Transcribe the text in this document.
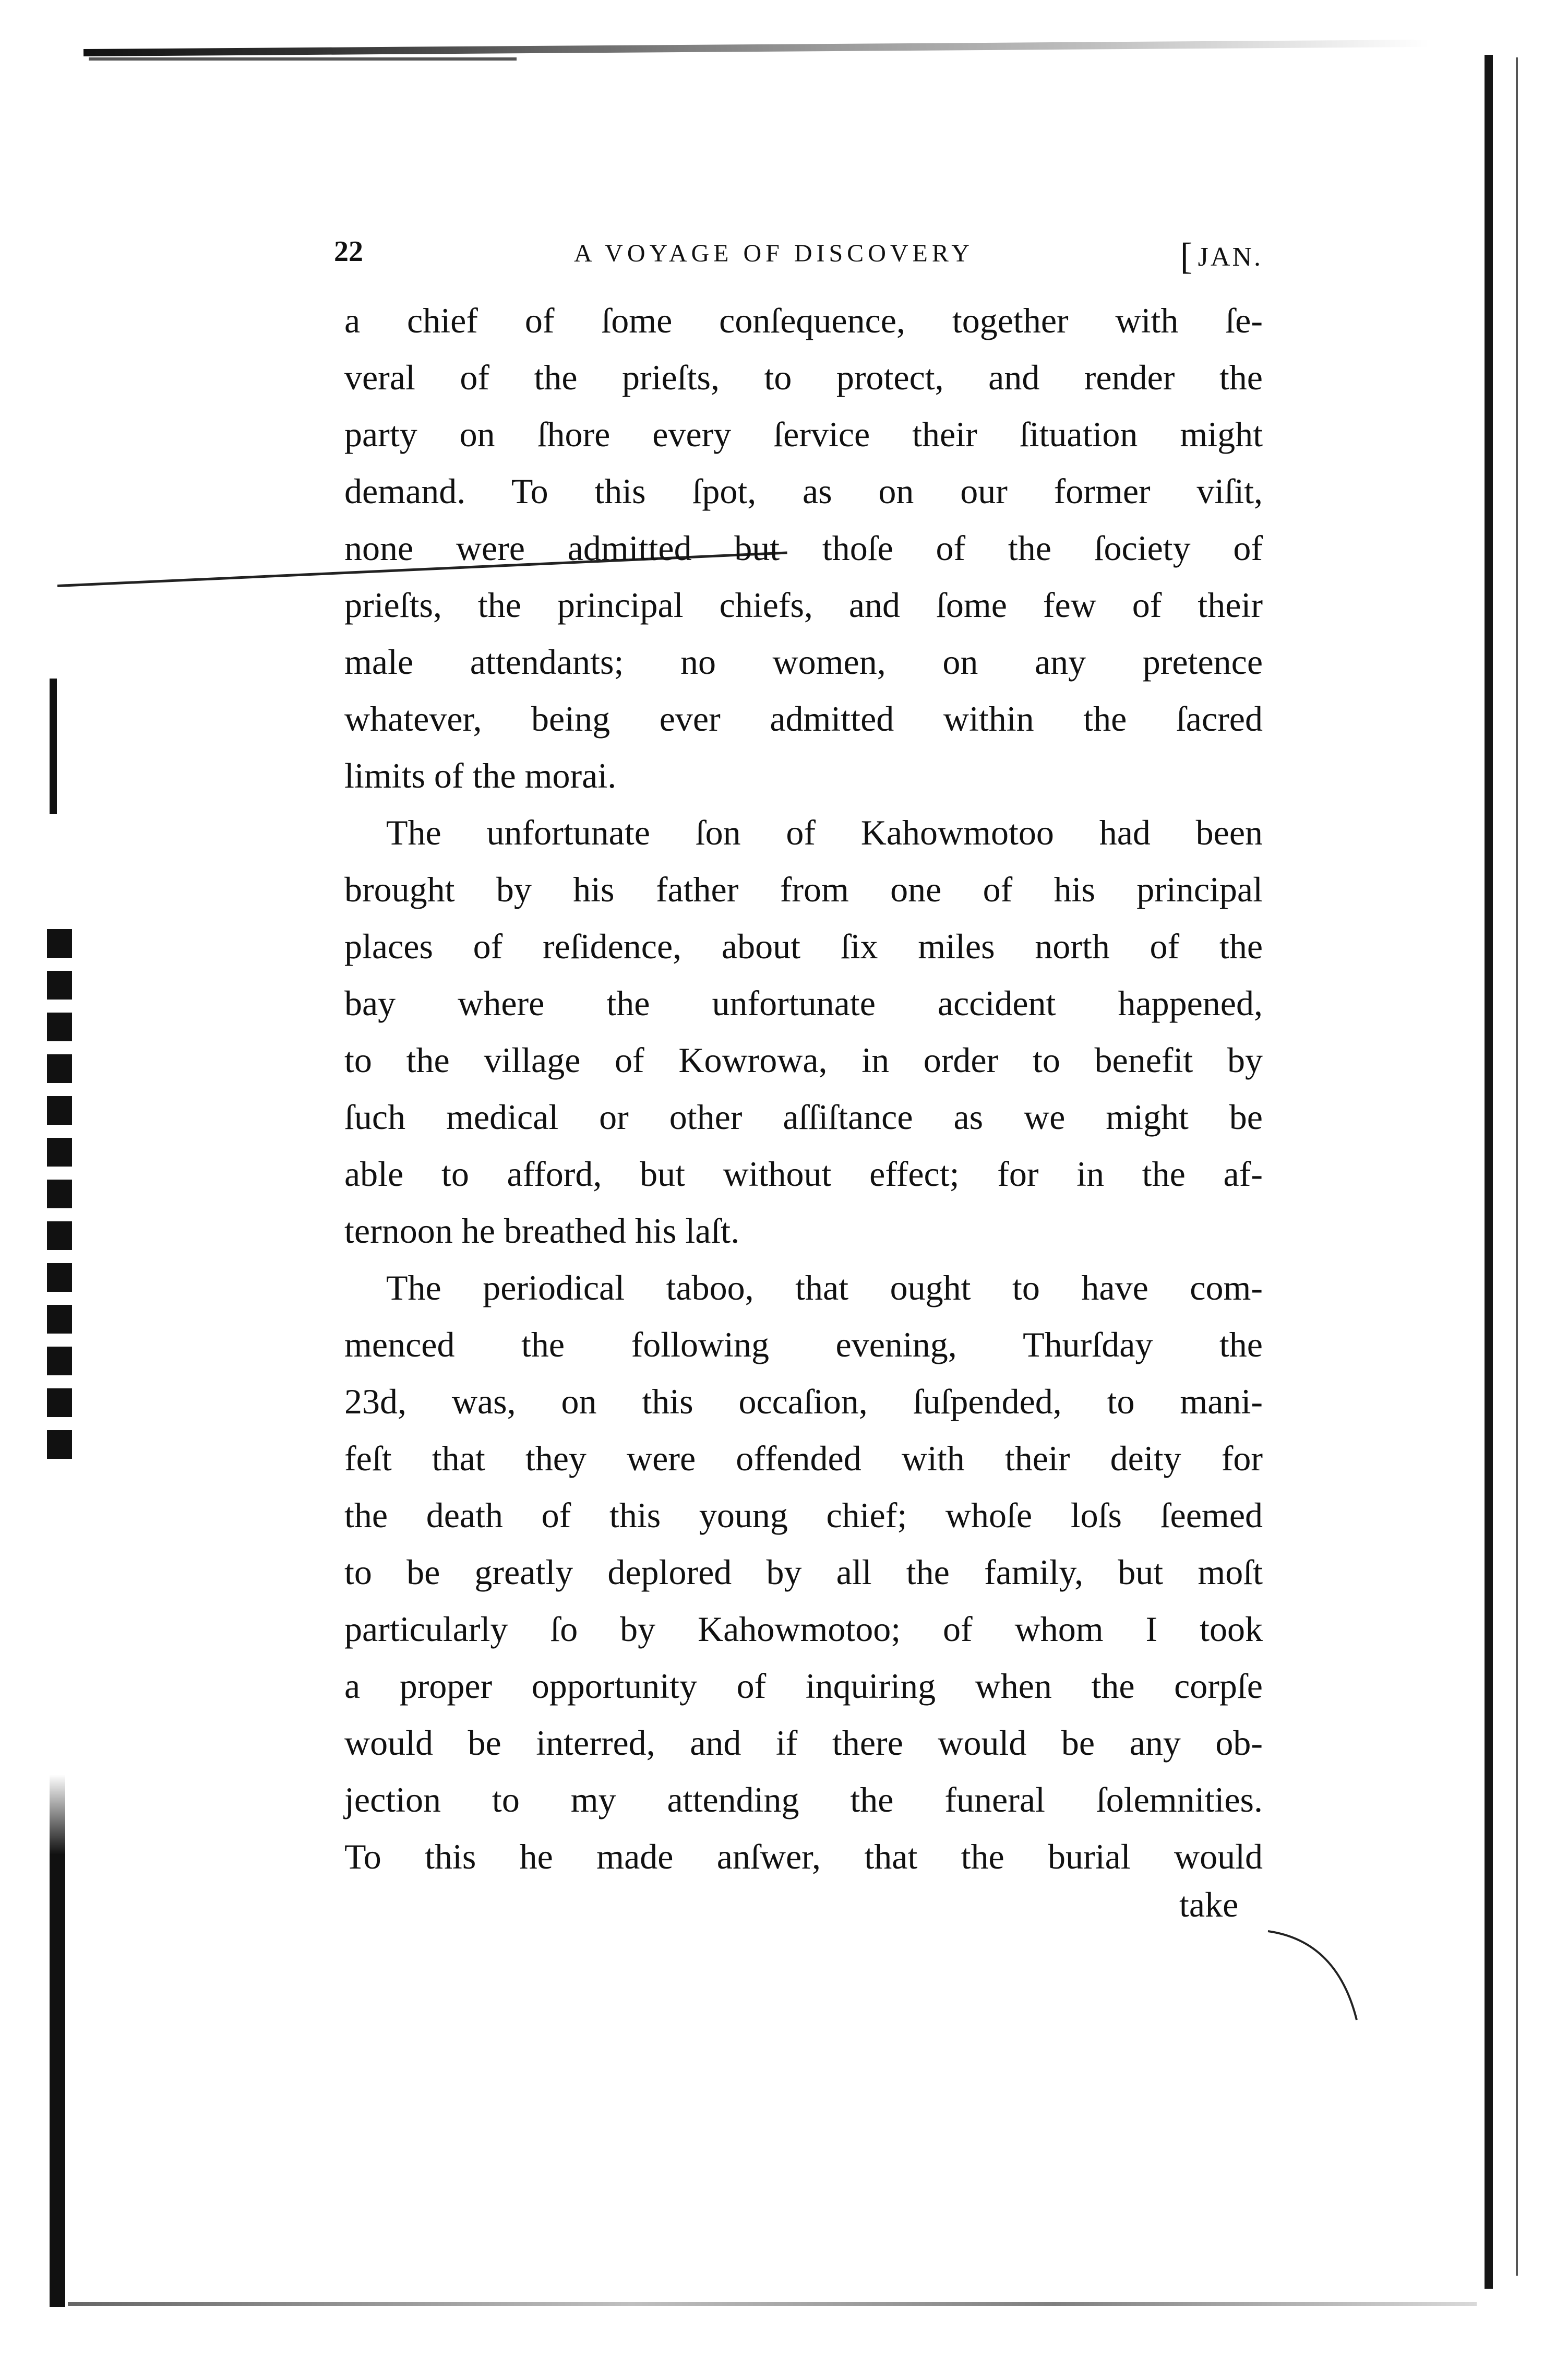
22	A VOYAGE OF DISCOVERY	[ JAN.
a chief of ſome conſequence, together with ſe-
veral of the prieſts, to protect, and render the
party on ſhore every ſervice their ſituation might
demand. To this ſpot, as on our former viſit,
none were admitted but thoſe of the ſociety of
prieſts, the principal chiefs, and ſome few of their
male attendants; no women, on any pretence
whatever, being ever admitted within the ſacred
limits of the morai.
The unfortunate ſon of Kahowmotoo had been
brought by his father from one of his principal
places of reſidence, about ſix miles north of the
bay where the unfortunate accident happened,
to the village of Kowrowa, in order to benefit by
ſuch medical or other aſſiſtance as we might be
able to afford, but without effect; for in the af-
ternoon he breathed his laſt.
The periodical taboo, that ought to have com-
menced the following evening, Thurſday the
23d, was, on this occaſion, ſuſpended, to mani-
feſt that they were offended with their deity for
the death of this young chief; whoſe loſs ſeemed
to be greatly deplored by all the family, but moſt
particularly ſo by Kahowmotoo; of whom I took
a proper opportunity of inquiring when the corpſe
would be interred, and if there would be any ob-
jection to my attending the funeral ſolemnities.
To this he made anſwer, that the burial would
take
